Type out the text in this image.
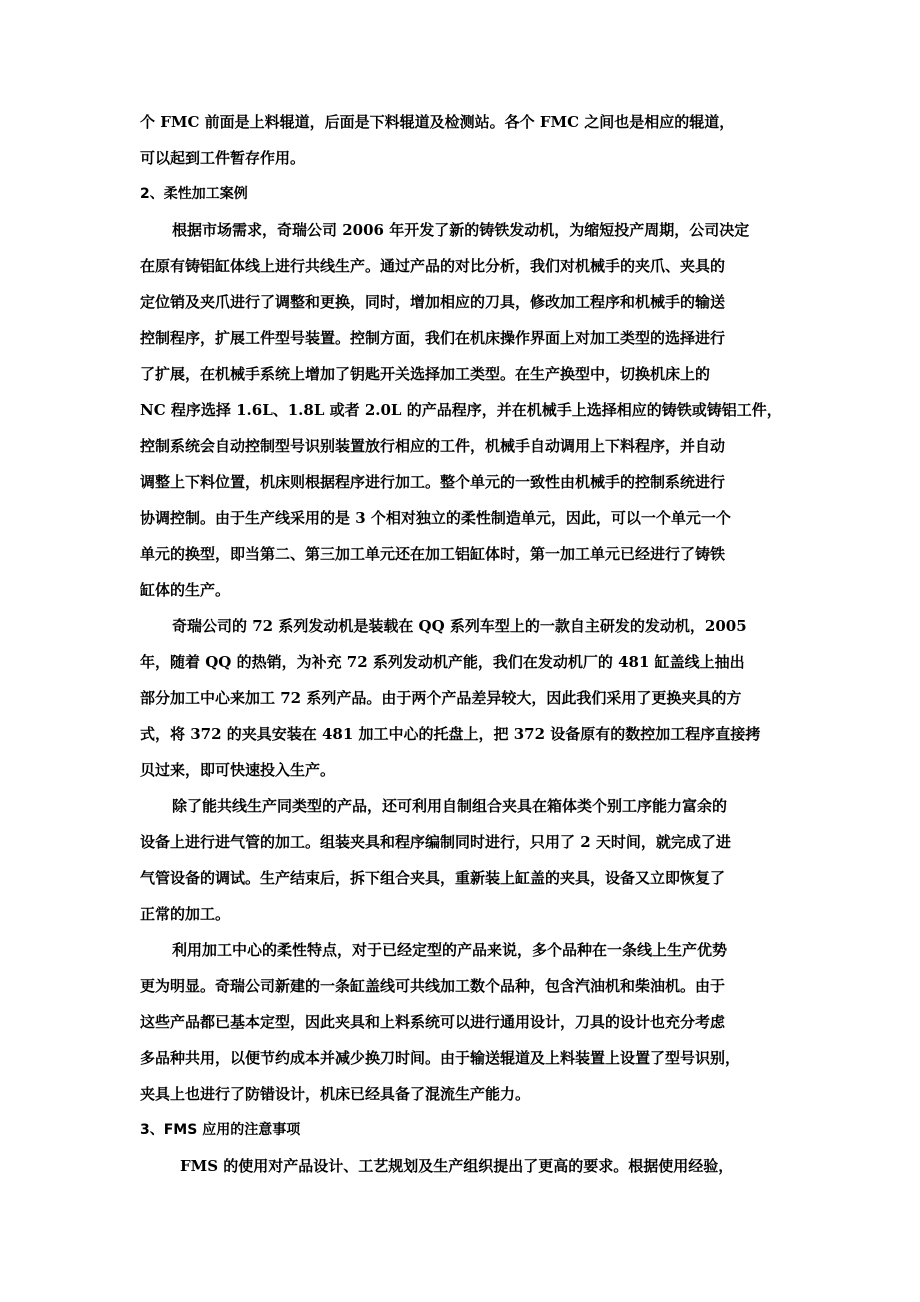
个 FMC 前面是上料辊道，后面是下料辊道及检测站。各个 FMC 之间也是相应的辊道，
可以起到工件暂存作用。
2、柔性加工案例
根据市场需求，奇瑞公司 2006 年开发了新的铸铁发动机，为缩短投产周期，公司决定
在原有铸铝缸体线上进行共线生产。通过产品的对比分析，我们对机械手的夹爪、夹具的
定位销及夹爪进行了调整和更换，同时，增加相应的刀具，修改加工程序和机械手的输送
控制程序，扩展工件型号装置。控制方面，我们在机床操作界面上对加工类型的选择进行
了扩展，在机械手系统上增加了钥匙开关选择加工类型。在生产换型中，切换机床上的
NC 程序选择 1.6L、1.8L 或者 2.0L 的产品程序，并在机械手上选择相应的铸铁或铸铝工件，
控制系统会自动控制型号识别装置放行相应的工件，机械手自动调用上下料程序，并自动
调整上下料位置，机床则根据程序进行加工。整个单元的一致性由机械手的控制系统进行
协调控制。由于生产线采用的是 3 个相对独立的柔性制造单元，因此，可以一个单元一个
单元的换型，即当第二、第三加工单元还在加工铝缸体时，第一加工单元已经进行了铸铁
缸体的生产。
奇瑞公司的 72 系列发动机是装载在 QQ 系列车型上的一款自主研发的发动机，2005
年，随着 QQ 的热销，为补充 72 系列发动机产能，我们在发动机厂的 481 缸盖线上抽出
部分加工中心来加工 72 系列产品。由于两个产品差异较大，因此我们采用了更换夹具的方
式，将 372 的夹具安装在 481 加工中心的托盘上，把 372 设备原有的数控加工程序直接拷
贝过来，即可快速投入生产。
除了能共线生产同类型的产品，还可利用自制组合夹具在箱体类个别工序能力富余的
设备上进行进气管的加工。组装夹具和程序编制同时进行，只用了 2 天时间，就完成了进
气管设备的调试。生产结束后，拆下组合夹具，重新装上缸盖的夹具，设备又立即恢复了
正常的加工。
利用加工中心的柔性特点，对于已经定型的产品来说，多个品种在一条线上生产优势
更为明显。奇瑞公司新建的一条缸盖线可共线加工数个品种，包含汽油机和柴油机。由于
这些产品都已基本定型，因此夹具和上料系统可以进行通用设计，刀具的设计也充分考虑
多品种共用，以便节约成本并减少换刀时间。由于输送辊道及上料装置上设置了型号识别，
夹具上也进行了防错设计，机床已经具备了混流生产能力。
3、FMS 应用的注意事项
FMS 的使用对产品设计、工艺规划及生产组织提出了更高的要求。根据使用经验，
